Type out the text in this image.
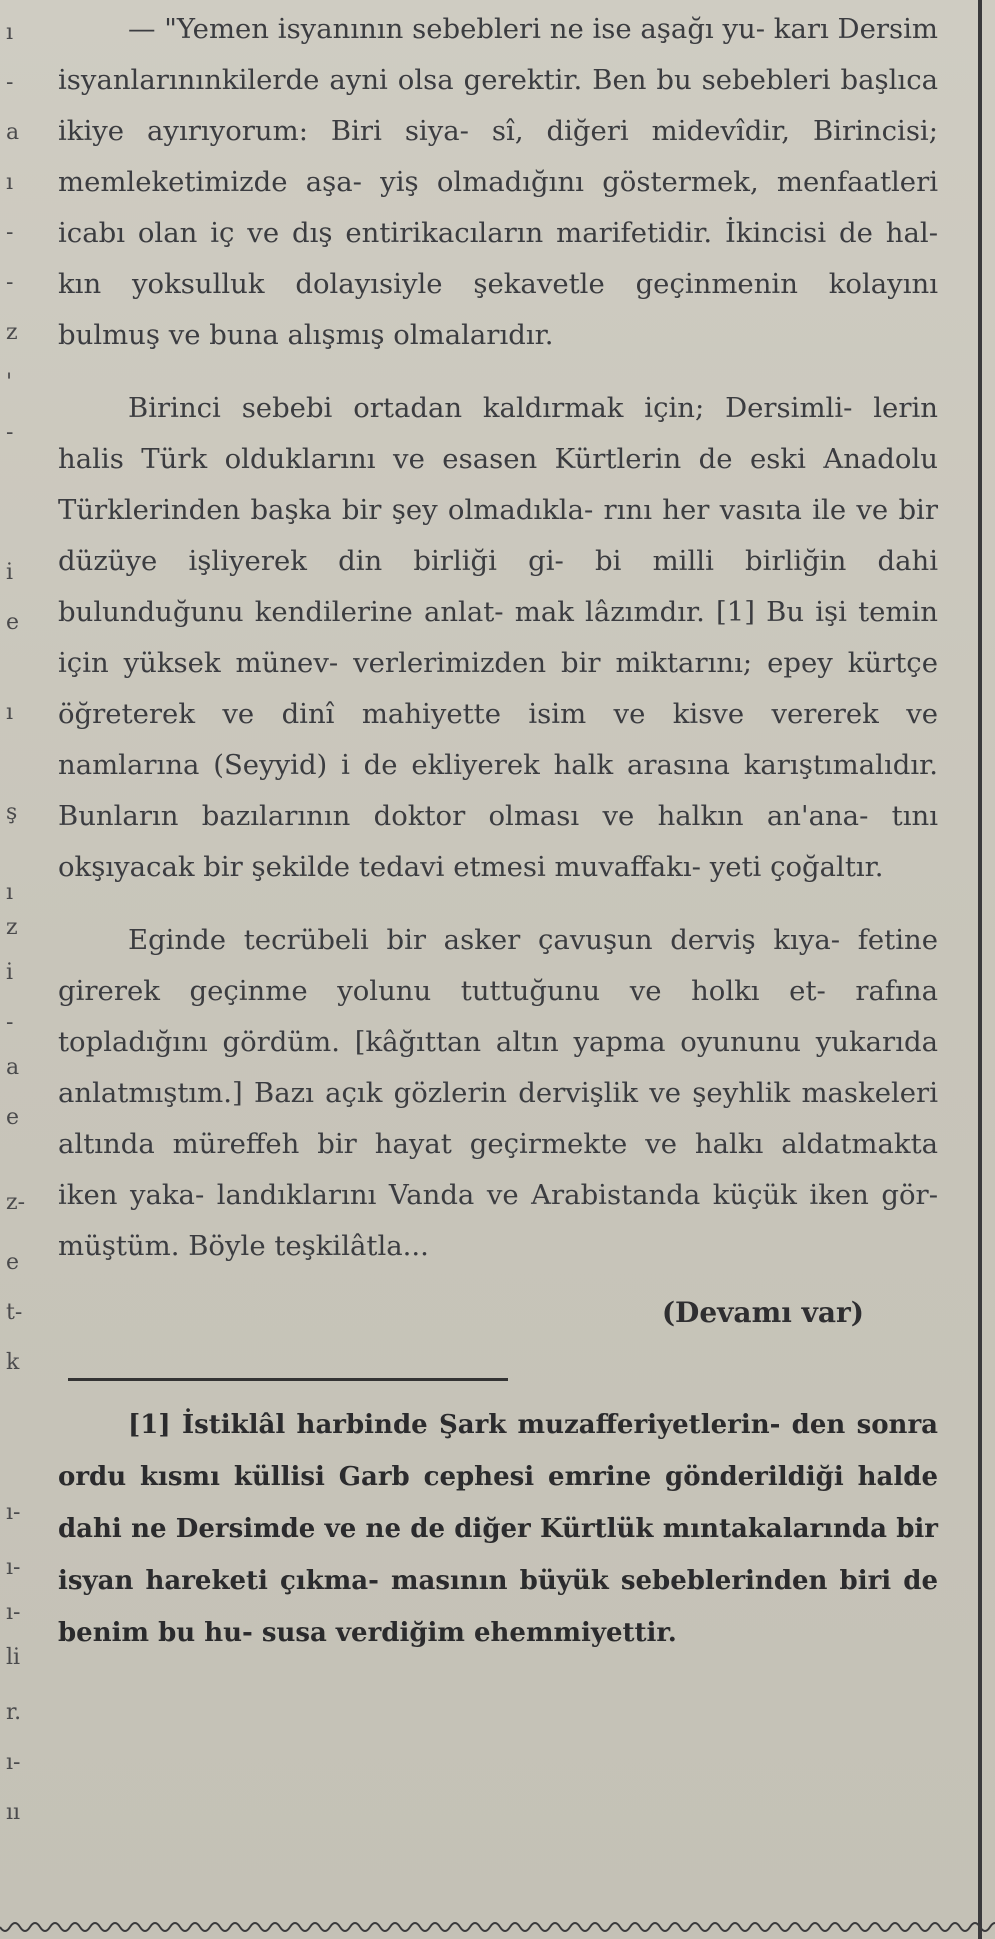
ı
-
a
ı
-
-
z
'
-
i
e
ı
ş
ı
z
i
-
a
e
z-
e
t-
k
ı-
ı-
ı-
li
r.
ı-
ıı
— "Yemen isyanının sebebleri ne ise aşağı yu- karı Dersim isyanlarınınkilerde ayni olsa gerektir. Ben bu sebebleri başlıca ikiye ayırıyorum: Biri siya- sî, diğeri midevîdir, Birincisi; memleketimizde aşa- yiş olmadığını göstermek, menfaatleri icabı olan iç ve dış entirikacıların marifetidir. İkincisi de hal- kın yoksulluk dolayısiyle şekavetle geçinmenin kolayını bulmuş ve buna alışmış olmalarıdır.
Birinci sebebi ortadan kaldırmak için; Dersimli- lerin halis Türk olduklarını ve esasen Kürtlerin de eski Anadolu Türklerinden başka bir şey olmadıkla- rını her vasıta ile ve bir düzüye işliyerek din birliği gi- bi milli birliğin dahi bulunduğunu kendilerine anlat- mak lâzımdır. [1] Bu işi temin için yüksek münev- verlerimizden bir miktarını; epey kürtçe öğreterek ve dinî mahiyette isim ve kisve vererek ve namlarına (Seyyid) i de ekliyerek halk arasına karıştımalıdır. Bunların bazılarının doktor olması ve halkın an'ana- tını okşıyacak bir şekilde tedavi etmesi muvaffakı- yeti çoğaltır.
Eginde tecrübeli bir asker çavuşun derviş kıya- fetine girerek geçinme yolunu tuttuğunu ve holkı et- rafına topladığını gördüm. [kâğıttan altın yapma oyununu yukarıda anlatmıştım.] Bazı açık gözlerin dervişlik ve şeyhlik maskeleri altında müreffeh bir hayat geçirmekte ve halkı aldatmakta iken yaka- landıklarını Vanda ve Arabistanda küçük iken gör- müştüm. Böyle teşkilâtla...
(Devamı var)
[1] İstiklâl harbinde Şark muzafferiyetlerin- den sonra ordu kısmı küllisi Garb cephesi emrine gönderildiği halde dahi ne Dersimde ve ne de diğer Kürtlük mıntakalarında bir isyan hareketi çıkma- masının büyük sebeblerinden biri de benim bu hu- susa verdiğim ehemmiyettir.
